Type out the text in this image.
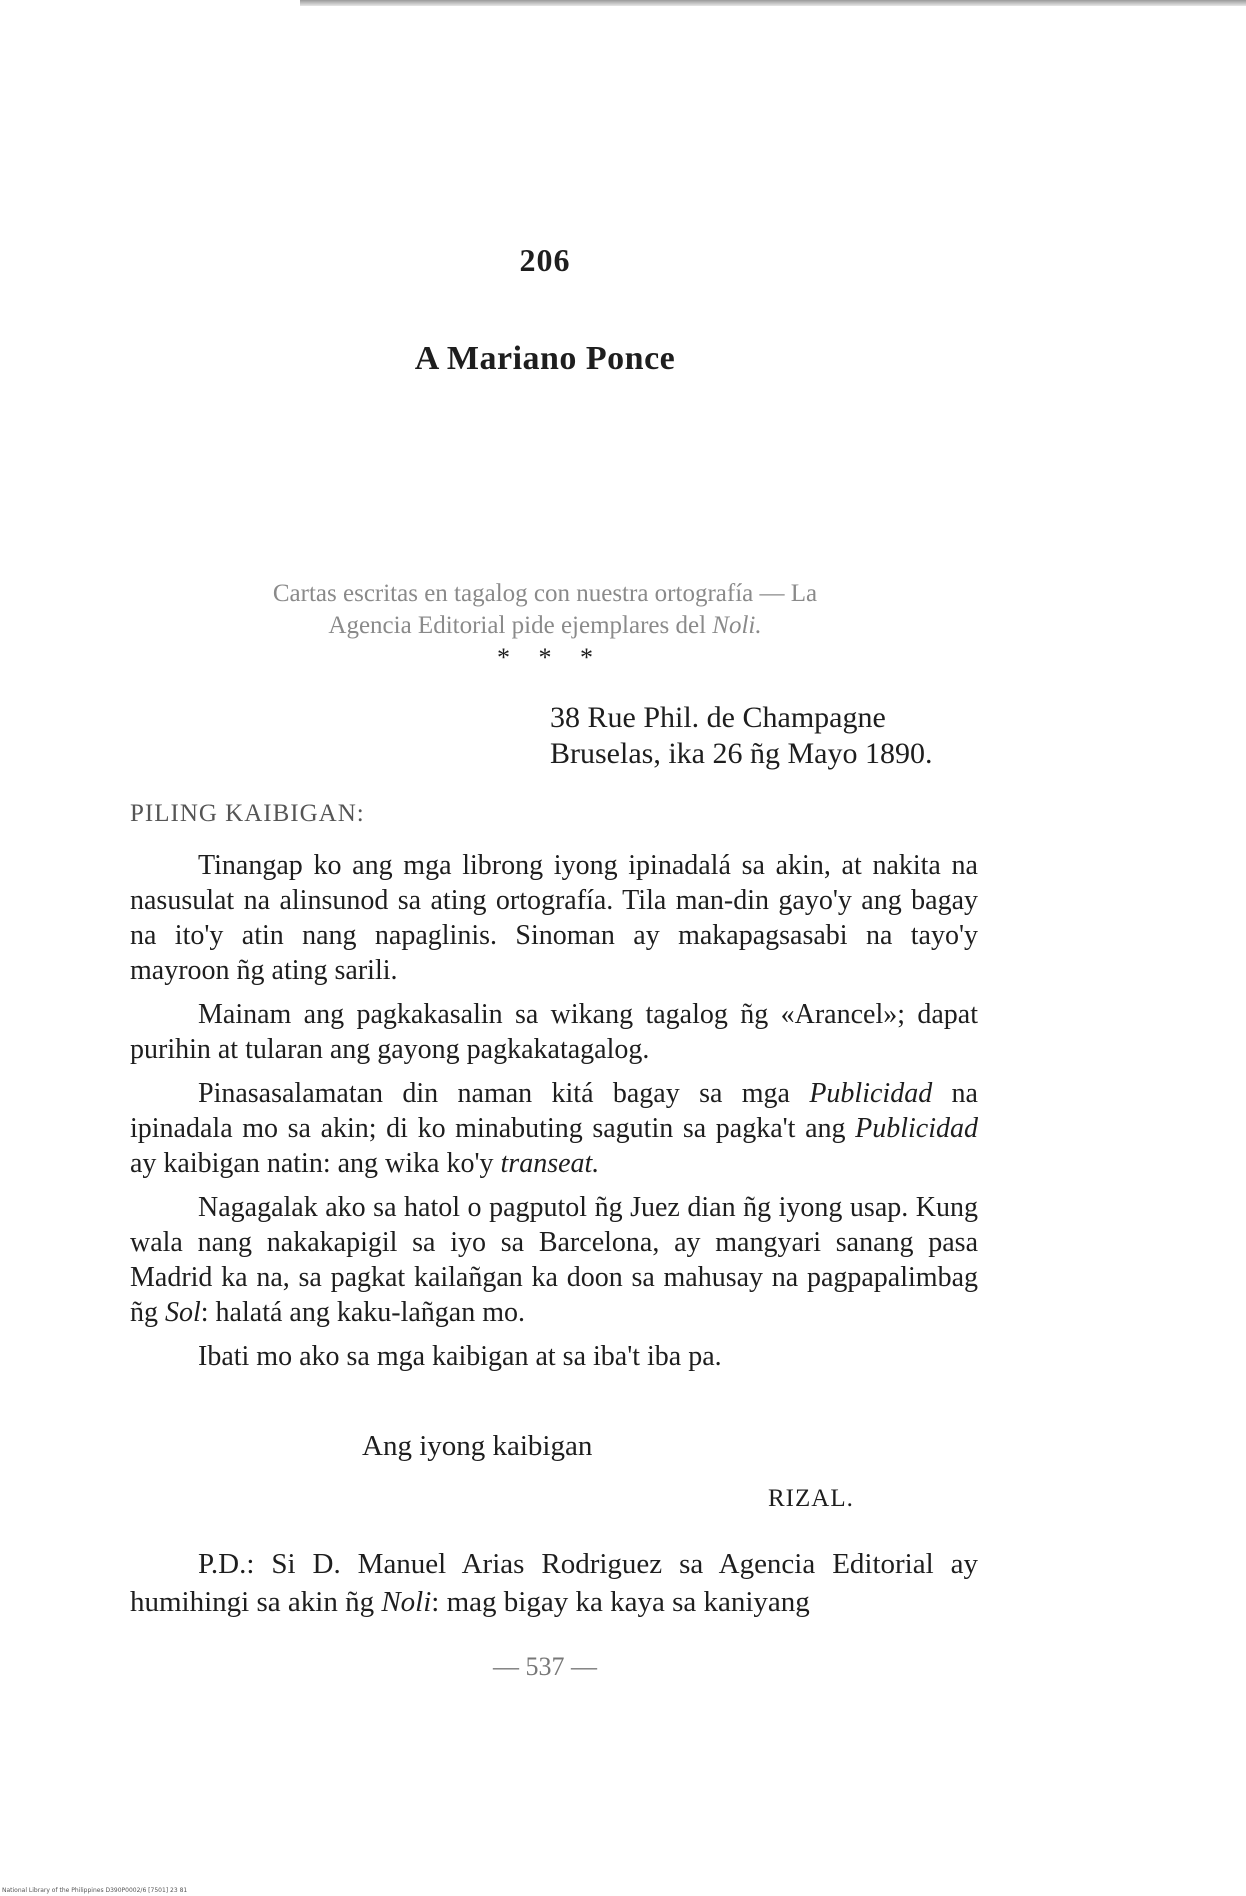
206
A Mariano Ponce
Cartas escritas en tagalog con nuestra ortografía — La
Agencia Editorial pide ejemplares del Noli.
* * *
38 Rue Phil. de Champagne
Bruselas, ika 26 ñg Mayo 1890.
PILING KAIBIGAN:

Tinangap ko ang mga librong iyong ipinadalá sa akin, at nakita na nasusulat na alinsunod sa ating ortografía. Tila man-din gayo'y ang bagay na ito'y atin nang napaglinis. Sinoman ay makapagsasabi na tayo'y mayroon ñg ating sarili.

Mainam ang pagkakasalin sa wikang tagalog ñg «Arancel»; dapat purihin at tularan ang gayong pagkakatagalog.

Pinasasalamatan din naman kitá bagay sa mga Publicidad na ipinadala mo sa akin; di ko minabuting sagutin sa pagka't ang Publicidad ay kaibigan natin: ang wika ko'y transeat.

Nagagalak ako sa hatol o pagputol ñg Juez dian ñg iyong usap. Kung wala nang nakakapigil sa iyo sa Barcelona, ay mangyari sanang pasa Madrid ka na, sa pagkat kailañgan ka doon sa mahusay na pagpapalimbag ñg Sol: halatá ang kaku-lañgan mo.

Ibati mo ako sa mga kaibigan at sa iba't iba pa.

Ang iyong kaibigan
RIZAL.
P.D.: Si D. Manuel Arias Rodriguez sa Agencia Editorial ay humihingi sa akin ñg Noli: mag bigay ka kaya sa kaniyang
— 537 —
National Library of the Philippines D390P0002/6 [7501] 23 81
